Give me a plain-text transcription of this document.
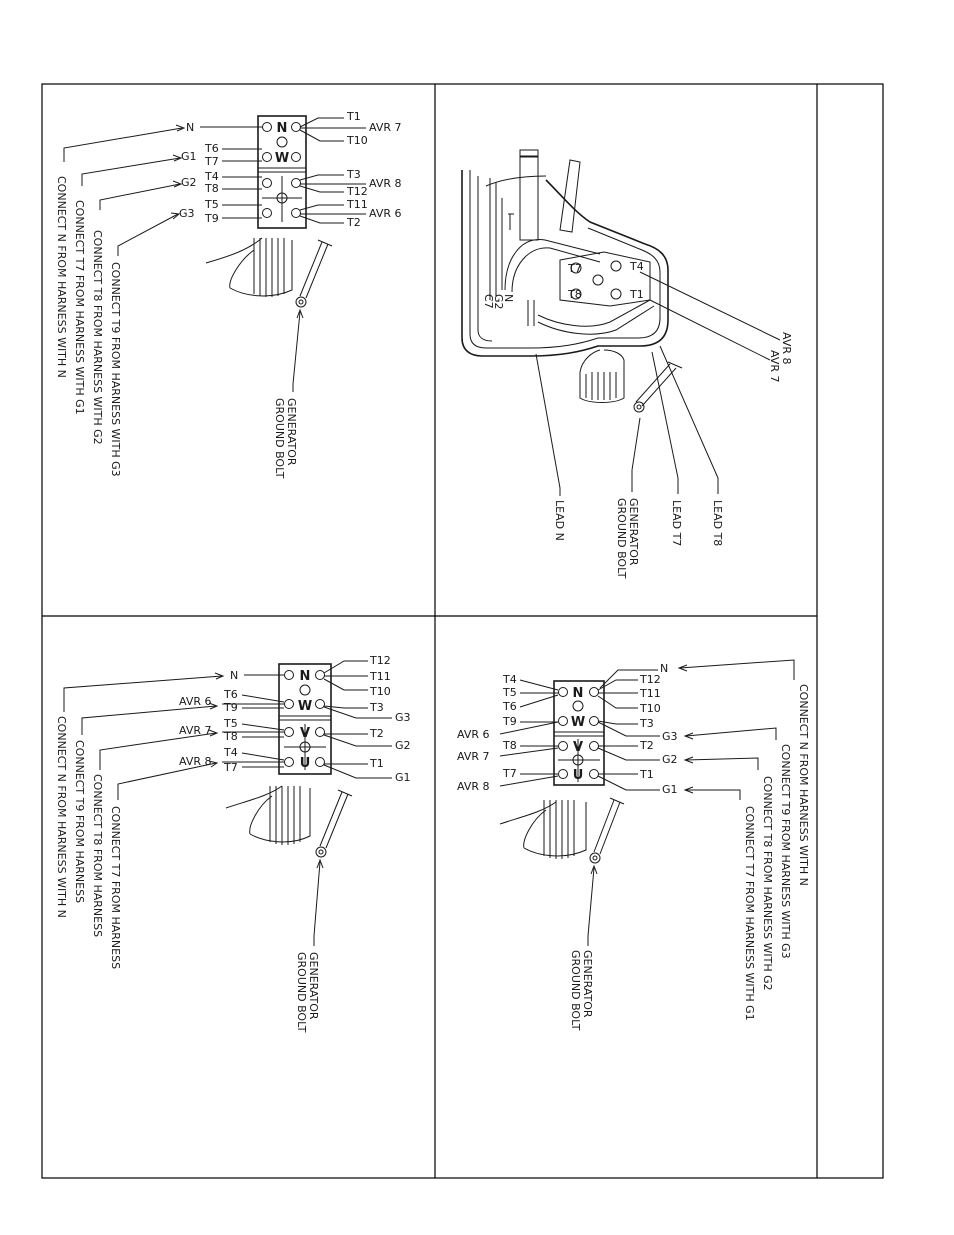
N
W
T6
T7
T4
T8
T5
T9
T1
T10
T3
T12
T11
T2
AVR 7
AVR 8
AVR 6
N
G1
G2
G3
CONNECT N FROM HARNESS WITH N CONNECT T7 FROM HARNESS WITH G1 CONNECT T8 FROM HARNESS WITH G2 CONNECT T9 FROM HARNESS WITH G3	GENERATOR
GROUND BOLT
T7	T4
T8	T1
N
G2
C7
AVR 8
AVR 7
LEAD N	LEAD T7	LEAD T8
GENERATOR
GROUND BOLT
N
W
V
U
N
T6
T9
T5
T8
T4
T7
AVR 6
AVR 7
AVR 8
T12
T11
T10
T3
T2
T1
G3
G2
G1
CONNECT N FROM HARNESS WITH N CONNECT T9 FROM HARNESS CONNECT T8 FROM HARNESS CONNECT T7 FROM HARNESS
GENERATOR
GROUND BOLT
N
W
V
U
T4
T5
T6
T9
T8
T7
AVR 6
AVR 7
AVR 8
T12
T11
T10
T3
T2
T1
G3
G2
G1
N
CONNECT N FROM HARNESS WITH N
CONNECT T9 FROM HARNESS WITH G3
CONNECT T8 FROM HARNESS WITH G2
CONNECT T7 FROM HARNESS WITH G1
GENERATOR
GROUND BOLT
